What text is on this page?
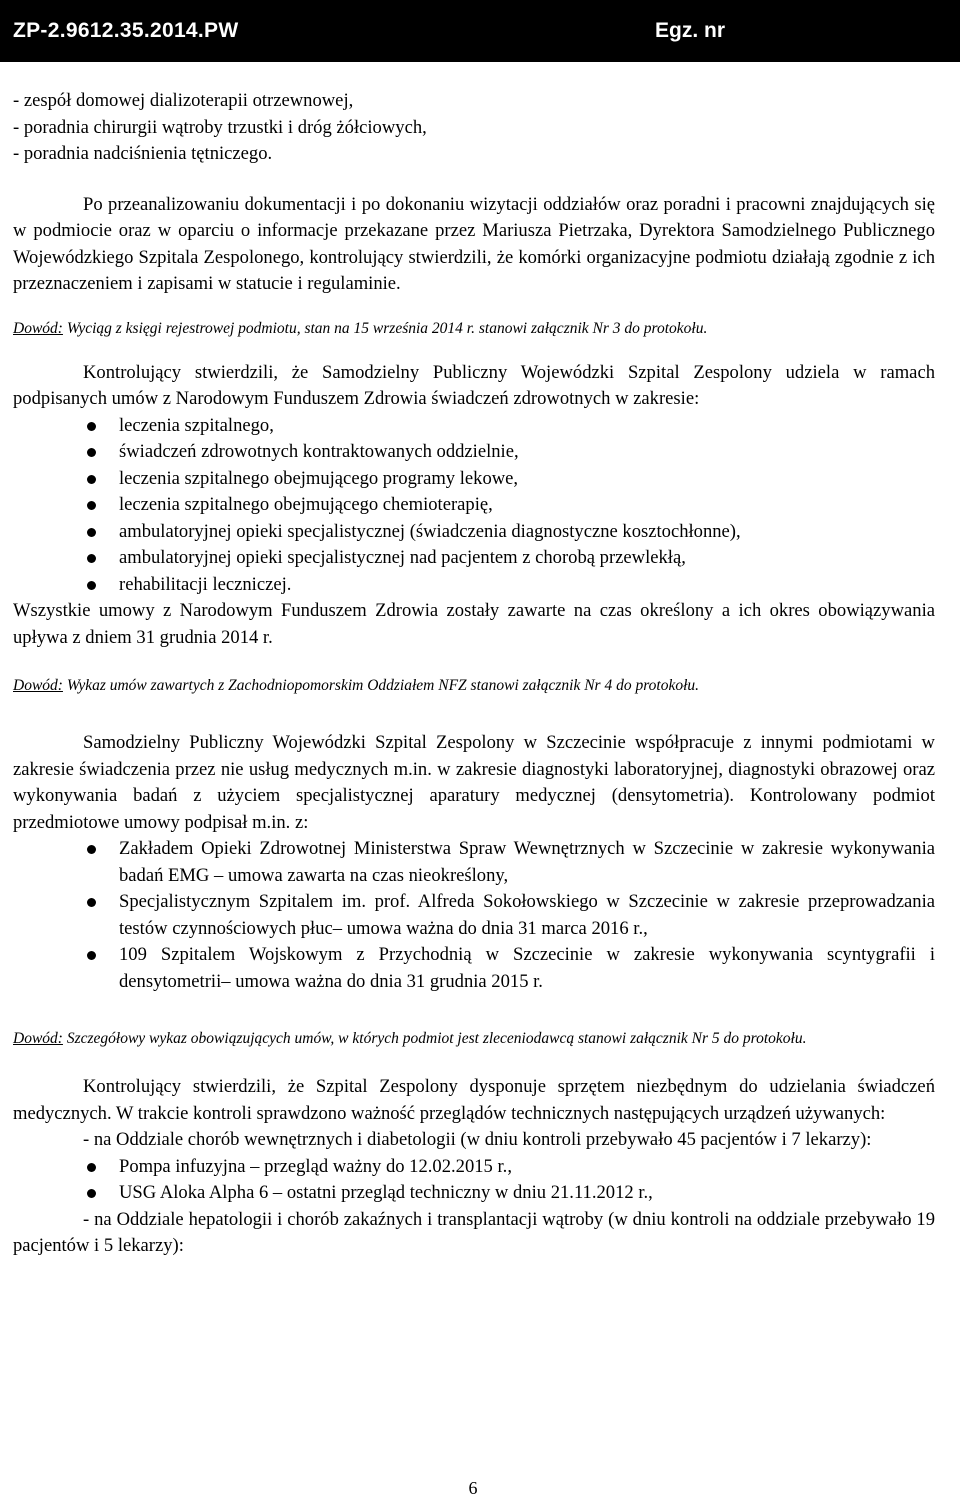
ZP-2.9612.35.2014.PW	Egz. nr
- zespół domowej dializoterapii otrzewnowej,
- poradnia chirurgii wątroby trzustki i dróg żółciowych,
- poradnia nadciśnienia tętniczego.

Po przeanalizowaniu dokumentacji i po dokonaniu wizytacji oddziałów oraz poradni i pracowni znajdujących się w podmiocie oraz w oparciu o informacje przekazane przez Mariusza Pietrzaka, Dyrektora Samodzielnego Publicznego Wojewódzkiego Szpitala Zespolonego, kontrolujący stwierdzili, że komórki organizacyjne podmiotu działają zgodnie z ich przeznaczeniem i zapisami w statucie i regulaminie.

Dowód: Wyciąg z księgi rejestrowej podmiotu, stan na 15 września 2014 r. stanowi załącznik Nr 3 do protokołu.

Kontrolujący stwierdzili, że Samodzielny Publiczny Wojewódzki Szpital Zespolony udziela w ramach podpisanych umów z Narodowym Funduszem Zdrowia świadczeń zdrowotnych w zakresie:

leczenia szpitalnego,
świadczeń zdrowotnych kontraktowanych oddzielnie,
leczenia szpitalnego obejmującego programy lekowe,
leczenia szpitalnego obejmującego chemioterapię,
ambulatoryjnej opieki specjalistycznej (świadczenia diagnostyczne kosztochłonne),
ambulatoryjnej opieki specjalistycznej nad pacjentem z chorobą przewlekłą,
rehabilitacji leczniczej.

Wszystkie umowy z Narodowym Funduszem Zdrowia zostały zawarte na czas określony a ich okres obowiązywania upływa z dniem 31 grudnia 2014 r.

Dowód: Wykaz umów zawartych z Zachodniopomorskim Oddziałem NFZ stanowi załącznik Nr 4 do protokołu.

Samodzielny Publiczny Wojewódzki Szpital Zespolony w Szczecinie współpracuje z innymi podmiotami w zakresie świadczenia przez nie usług medycznych m.in. w zakresie diagnostyki laboratoryjnej, diagnostyki obrazowej oraz wykonywania badań z użyciem specjalistycznej aparatury medycznej (densytometria). Kontrolowany podmiot przedmiotowe umowy podpisał m.in. z:

Zakładem Opieki Zdrowotnej Ministerstwa Spraw Wewnętrznych w Szczecinie w zakresie wykonywania badań EMG – umowa zawarta na czas nieokreślony,
Specjalistycznym Szpitalem im. prof. Alfreda Sokołowskiego w Szczecinie w zakresie przeprowadzania testów czynnościowych płuc– umowa ważna do dnia 31 marca 2016 r.,
109 Szpitalem Wojskowym z Przychodnią w Szczecinie w zakresie wykonywania scyntygrafii i densytometrii– umowa ważna do dnia 31 grudnia 2015 r.

Dowód: Szczegółowy wykaz obowiązujących umów, w których podmiot jest zleceniodawcą stanowi załącznik Nr 5 do protokołu.

Kontrolujący stwierdzili, że Szpital Zespolony dysponuje sprzętem niezbędnym do udzielania świadczeń medycznych. W trakcie kontroli sprawdzono ważność przeglądów technicznych następujących urządzeń używanych:

- na Oddziale chorób wewnętrznych i diabetologii (w dniu kontroli przebywało 45 pacjentów i 7 lekarzy):

Pompa infuzyjna – przegląd ważny do 12.02.2015 r.,
USG Aloka Alpha 6 – ostatni przegląd techniczny w dniu 21.11.2012 r.,

- na Oddziale hepatologii i chorób zakaźnych i transplantacji wątroby (w dniu kontroli na oddziale przebywało 19 pacjentów i 5 lekarzy):

6
